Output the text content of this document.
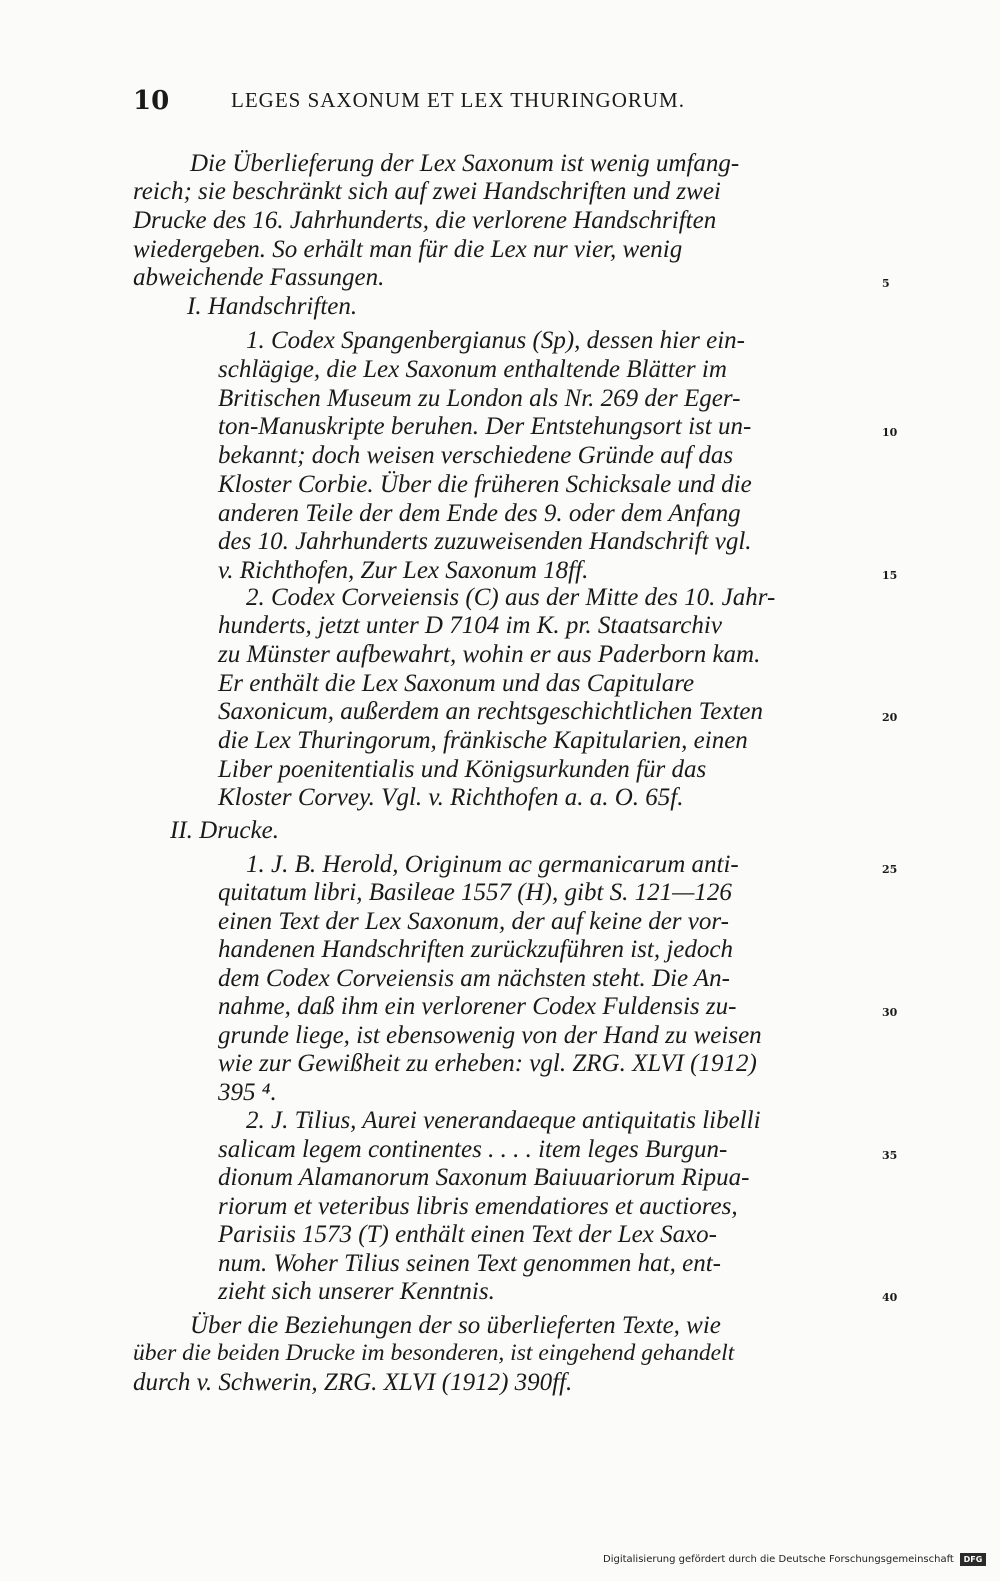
10	LEGES SAXONUM ET LEX THURINGORUM.
Die Überlieferung der Lex Saxonum ist wenig umfang-
reich; sie beschränkt sich auf zwei Handschriften und zwei
Drucke des 16. Jahrhunderts, die verlorene Handschriften
wiedergeben. So erhält man für die Lex nur vier, wenig
abweichende Fassungen.
I. Handschriften.
1. Codex Spangenbergianus (Sp), dessen hier ein-
schlägige, die Lex Saxonum enthaltende Blätter im
Britischen Museum zu London als Nr. 269 der Eger-
ton-Manuskripte beruhen. Der Entstehungsort ist un-
bekannt; doch weisen verschiedene Gründe auf das
Kloster Corbie. Über die früheren Schicksale und die
anderen Teile der dem Ende des 9. oder dem Anfang
des 10. Jahrhunderts zuzuweisenden Handschrift vgl.
v. Richthofen, Zur Lex Saxonum 18ff.
2. Codex Corveiensis (C) aus der Mitte des 10. Jahr-
hunderts, jetzt unter D 7104 im K. pr. Staatsarchiv
zu Münster aufbewahrt, wohin er aus Paderborn kam.
Er enthält die Lex Saxonum und das Capitulare
Saxonicum, außerdem an rechtsgeschichtlichen Texten
die Lex Thuringorum, fränkische Kapitularien, einen
Liber poenitentialis und Königsurkunden für das
Kloster Corvey. Vgl. v. Richthofen a. a. O. 65f.
II. Drucke.
1. J. B. Herold, Originum ac germanicarum anti-
quitatum libri, Basileae 1557 (H), gibt S. 121—126
einen Text der Lex Saxonum, der auf keine der vor-
handenen Handschriften zurückzuführen ist, jedoch
dem Codex Corveiensis am nächsten steht. Die An-
nahme, daß ihm ein verlorener Codex Fuldensis zu-
grunde liege, ist ebensowenig von der Hand zu weisen
wie zur Gewißheit zu erheben: vgl. ZRG. XLVI (1912)
395 ⁴.
2. J. Tilius, Aurei venerandaeque antiquitatis libelli
salicam legem continentes . . . . item leges Burgun-
dionum Alamanorum Saxonum Baiuuariorum Ripua-
riorum et veteribus libris emendatiores et auctiores,
Parisiis 1573 (T) enthält einen Text der Lex Saxo-
num. Woher Tilius seinen Text genommen hat, ent-
zieht sich unserer Kenntnis.
Über die Beziehungen der so überlieferten Texte, wie
über die beiden Drucke im besonderen, ist eingehend gehandelt
durch v. Schwerin, ZRG. XLVI (1912) 390ff.
5
10
15
20
25
30
35
40
Digitalisierung gefördert durch die Deutsche Forschungsgemeinschaft	DFG
